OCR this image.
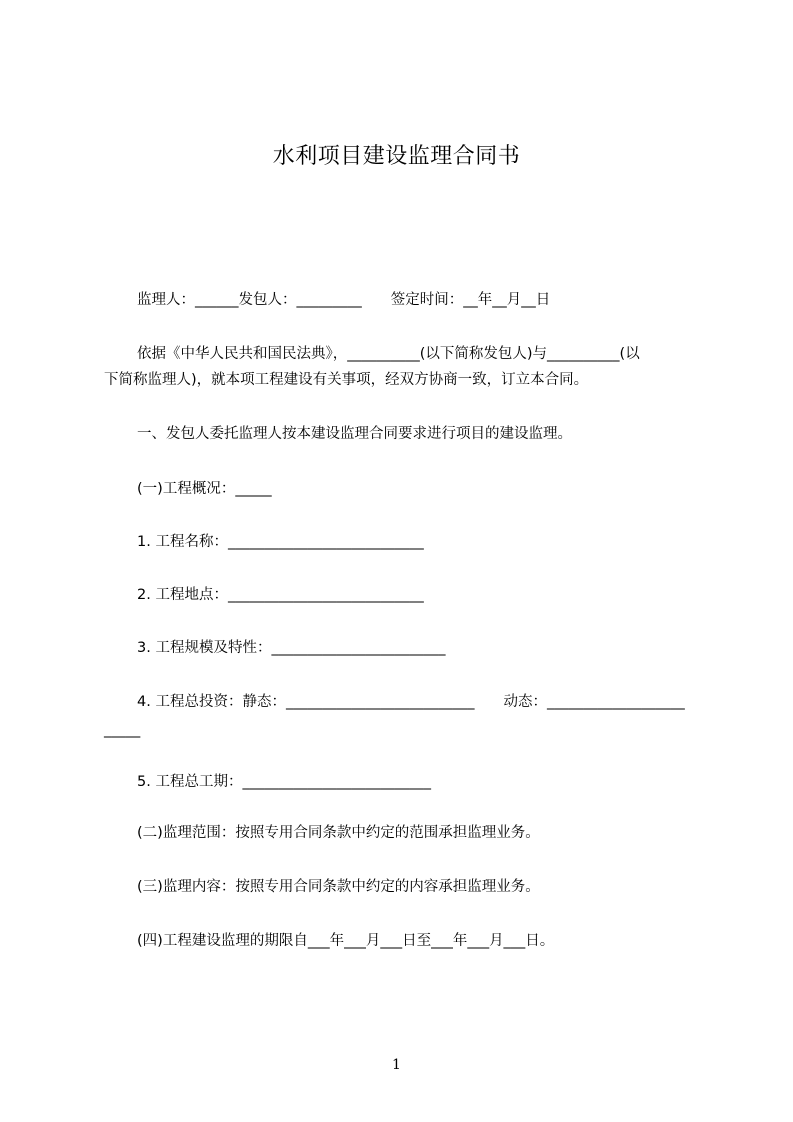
水利项目建设监理合同书
监理人：______发包人：_________　　签定时间：__年__月__日
依据《中华人民共和国民法典》，__________(以下简称发包人)与__________(以
下简称监理人)，就本项工程建设有关事项，经双方协商一致，订立本合同。
一、发包人委托监理人按本建设监理合同要求进行项目的建设监理。
(一)工程概况：_____
1. 工程名称：___________________________
2. 工程地点：___________________________
3. 工程规模及特性：________________________
4. 工程总投资：静态：__________________________　　动态：___________________
_____
5. 工程总工期：__________________________
(二)监理范围：按照专用合同条款中约定的范围承担监理业务。
(三)监理内容：按照专用合同条款中约定的内容承担监理业务。
(四)工程建设监理的期限自___年___月___日至___年___月___日。
1
